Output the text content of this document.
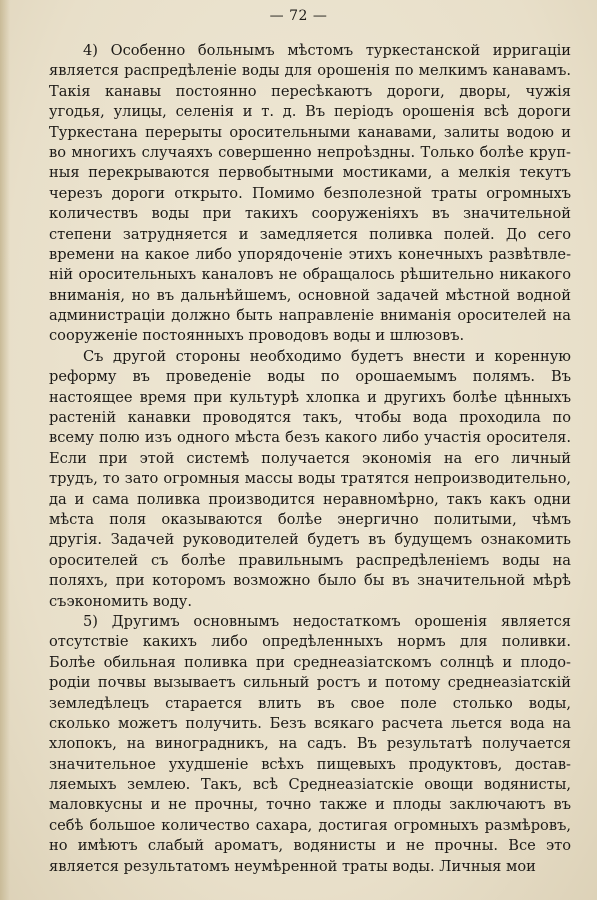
— 72 —
4) Особенно больнымъ мѣстомъ туркестанской ирригаціи
является распредѣленіе воды для орошенія по мелкимъ канавамъ.
Такія канавы постоянно пересѣкаютъ дороги, дворы, чужія
угодья, улицы, селенія и т. д. Въ періодъ орошенія всѣ дороги
Туркестана перерыты оросительными канавами, залиты водою и
во многихъ случаяхъ совершенно непроѣздны. Только болѣе круп-
ныя перекрываются первобытными мостиками, а мелкія текутъ
черезъ дороги открыто. Помимо безполезной траты огромныхъ
количествъ воды при такихъ сооруженіяхъ въ значительной
степени затрудняется и замедляется поливка полей. До сего
времени на какое либо упорядоченіе этихъ конечныхъ развѣтвле-
ній оросительныхъ каналовъ не обращалось рѣшительно никакого
вниманія, но въ дальнѣйшемъ, основной задачей мѣстной водной
администраціи должно быть направленіе вниманія оросителей на
сооруженіе постоянныхъ проводовъ воды и шлюзовъ.
Съ другой стороны необходимо будетъ внести и коренную
реформу въ проведеніе воды по орошаемымъ полямъ. Въ
настоящее время при культурѣ хлопка и другихъ болѣе цѣнныхъ
растеній канавки проводятся такъ, чтобы вода проходила по
всему полю изъ одного мѣста безъ какого либо участія оросителя.
Если при этой системѣ получается экономія на его личный
трудъ, то зато огромныя массы воды тратятся непроизводительно,
да и сама поливка производится неравномѣрно, такъ какъ одни
мѣста поля оказываются болѣе энергично политыми, чѣмъ
другія. Задачей руководителей будетъ въ будущемъ ознакомить
оросителей съ болѣе правильнымъ распредѣленіемъ воды на
поляхъ, при которомъ возможно было бы въ значительной мѣрѣ
съэкономить воду.
5) Другимъ основнымъ недостаткомъ орошенія является
отсутствіе какихъ либо опредѣленныхъ нормъ для поливки.
Болѣе обильная поливка при среднеазіатскомъ солнцѣ и плодо-
родіи почвы вызываетъ сильный ростъ и потому среднеазіатскій
земледѣлецъ старается влить въ свое поле столько воды,
сколько можетъ получить. Безъ всякаго расчета льется вода на
хлопокъ, на виноградникъ, на садъ. Въ результатѣ получается
значительное ухудшеніе всѣхъ пищевыхъ продуктовъ, достав-
ляемыхъ землею. Такъ, всѣ Среднеазіатскіе овощи водянисты,
маловкусны и не прочны, точно также и плоды заключаютъ въ
себѣ большое количество сахара, достигая огромныхъ размѣровъ,
но имѣютъ слабый ароматъ, водянисты и не прочны. Все это
является результатомъ неумѣренной траты воды. Личныя мои
